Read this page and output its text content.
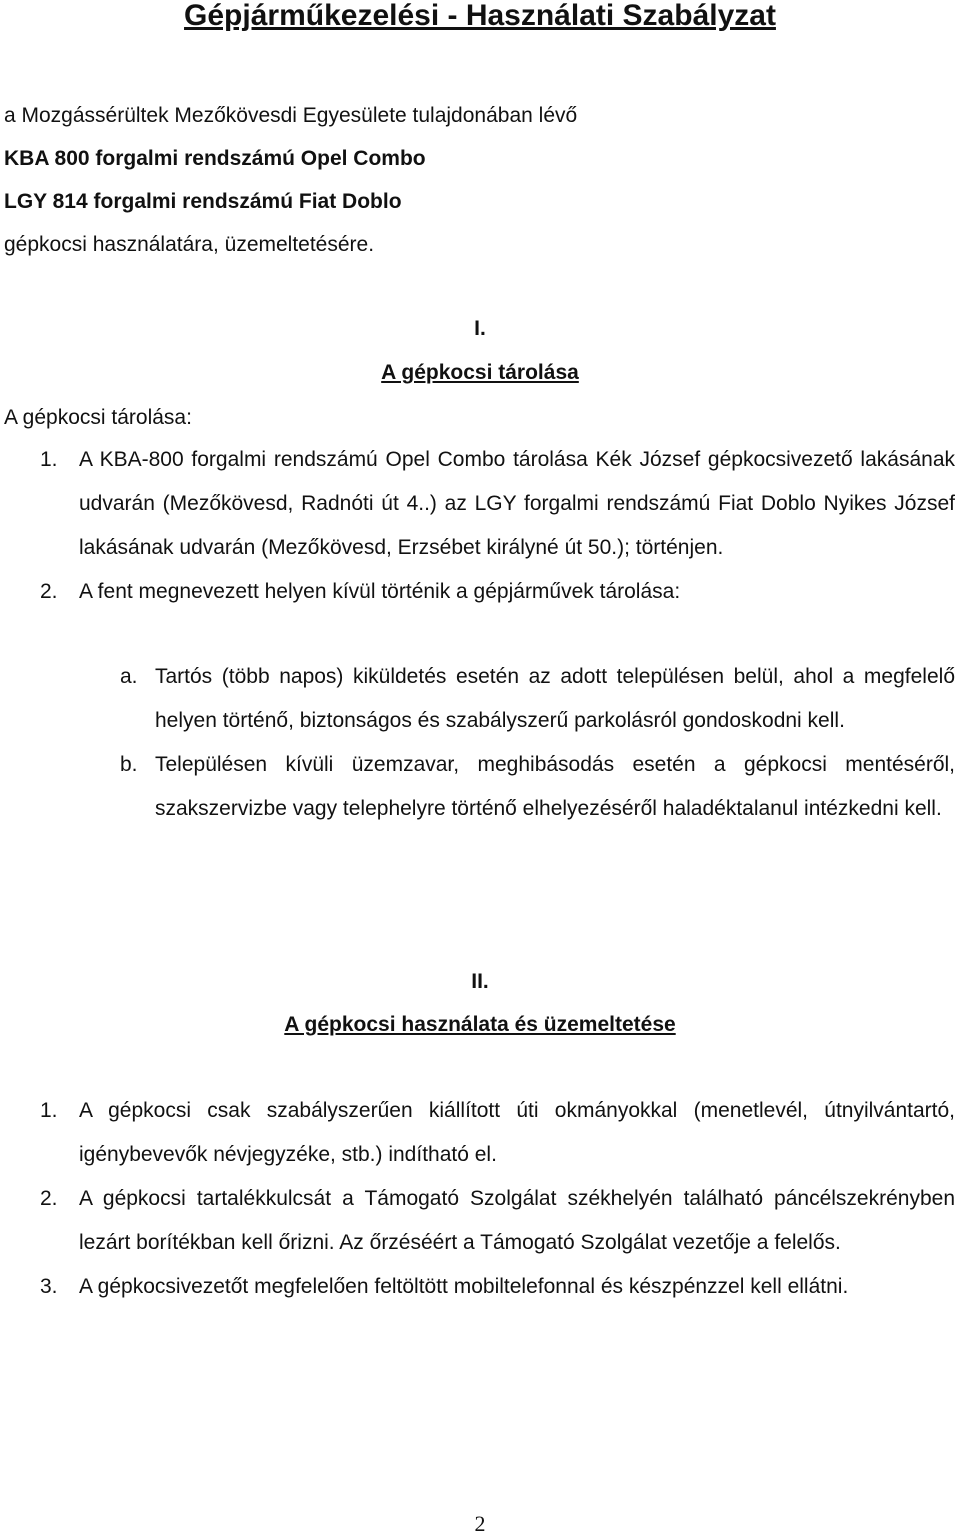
Gépjárműkezelési - Használati Szabályzat
a Mozgássérültek Mezőkövesdi Egyesülete tulajdonában lévő
KBA 800 forgalmi rendszámú Opel Combo
LGY 814 forgalmi rendszámú Fiat Doblo
gépkocsi használatára, üzemeltetésére.
I.
A gépkocsi tárolása
A gépkocsi tárolása:
1. A KBA-800 forgalmi rendszámú Opel Combo tárolása Kék József gépkocsivezető lakásának udvarán (Mezőkövesd, Radnóti út 4..) az LGY forgalmi rendszámú Fiat Doblo Nyikes József lakásának udvarán (Mezőkövesd, Erzsébet királyné út 50.); történjen.
2. A fent megnevezett helyen kívül történik a gépjárművek tárolása:
a. Tartós (több napos) kiküldetés esetén az adott településen belül, ahol a megfelelő helyen történő, biztonságos és szabályszerű parkolásról gondoskodni kell.
b. Településen kívüli üzemzavar, meghibásodás esetén a gépkocsi mentéséről, szakszervizbe vagy telephelyre történő elhelyezéséről haladéktalanul intézkedni kell.
II.
A gépkocsi használata és üzemeltetése
1. A gépkocsi csak szabályszerűen kiállított úti okmányokkal (menetlevél, útnyilvántartó, igénybevevők névjegyzéke, stb.) indítható el.
2. A gépkocsi tartalékkulcsát a Támogató Szolgálat székhelyén található páncélszekrényben lezárt borítékban kell őrizni. Az őrzéséért a Támogató Szolgálat vezetője a felelős.
3. A gépkocsivezetőt megfelelően feltöltött mobiltelefonnal és készpénzzel kell ellátni.
2
